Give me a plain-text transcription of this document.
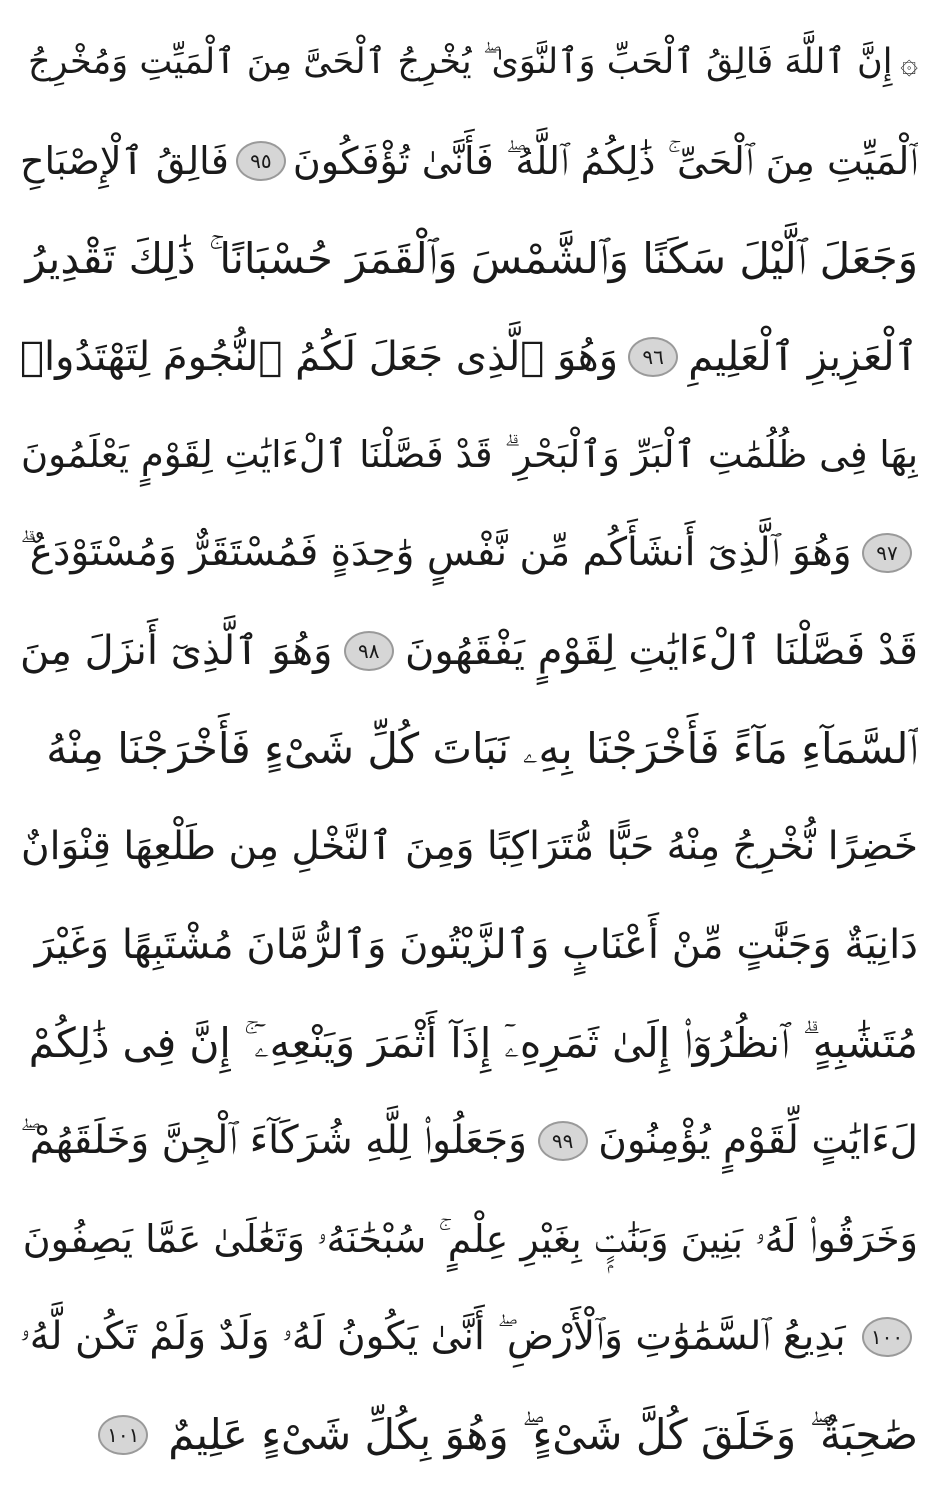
۞إِنَّ ٱللَّهَ فَالِقُ ٱلْحَبِّ وَٱلنَّوَىٰ ۖ يُخْرِجُ ٱلْحَىَّ مِنَ ٱلْمَيِّتِ وَمُخْرِجُ
ٱلْمَيِّتِ مِنَ ٱلْحَىِّ ۚ ذَٰلِكُمُ ٱللَّهُ ۖ فَأَنَّىٰ تُؤْفَكُونَ
٩٥
فَالِقُ ٱلْإِصْبَاحِ
وَجَعَلَ ٱلَّيْلَ سَكَنًا وَٱلشَّمْسَ وَٱلْقَمَرَ حُسْبَانًا ۚ ذَٰلِكَ تَقْدِيرُ
ٱلْعَزِيزِ ٱلْعَلِيمِ
٩٦
وَهُوَ ٱلَّذِى جَعَلَ لَكُمُ ٱلنُّجُومَ لِتَهْتَدُوا۟
بِهَا فِى ظُلُمَٰتِ ٱلْبَرِّ وَٱلْبَحْرِ ۗ قَدْ فَصَّلْنَا ٱلْءَايَٰتِ لِقَوْمٍ يَعْلَمُونَ
٩٧
وَهُوَ ٱلَّذِىٓ أَنشَأَكُم مِّن نَّفْسٍ وَٰحِدَةٍ فَمُسْتَقَرٌّ وَمُسْتَوْدَعٌ ۗ
قَدْ فَصَّلْنَا ٱلْءَايَٰتِ لِقَوْمٍ يَفْقَهُونَ
٩٨
وَهُوَ ٱلَّذِىٓ أَنزَلَ مِنَ
ٱلسَّمَآءِ مَآءً فَأَخْرَجْنَا بِهِۦ نَبَاتَ كُلِّ شَىْءٍ فَأَخْرَجْنَا مِنْهُ
خَضِرًا نُّخْرِجُ مِنْهُ حَبًّا مُّتَرَاكِبًا وَمِنَ ٱلنَّخْلِ مِن طَلْعِهَا قِنْوَانٌ
دَانِيَةٌ وَجَنَّٰتٍ مِّنْ أَعْنَابٍ وَٱلزَّيْتُونَ وَٱلرُّمَّانَ مُشْتَبِهًا وَغَيْرَ
مُتَشَٰبِهٍ ۗ ٱنظُرُوٓا۟ إِلَىٰ ثَمَرِهِۦٓ إِذَآ أَثْمَرَ وَيَنْعِهِۦٓ ۚ إِنَّ فِى ذَٰلِكُمْ
لَءَايَٰتٍ لِّقَوْمٍ يُؤْمِنُونَ
٩٩
وَجَعَلُوا۟ لِلَّهِ شُرَكَآءَ ٱلْجِنَّ وَخَلَقَهُمْ ۖ
وَخَرَقُوا۟ لَهُۥ بَنِينَ وَبَنَٰتٍۭ بِغَيْرِ عِلْمٍ ۚ سُبْحَٰنَهُۥ وَتَعَٰلَىٰ عَمَّا يَصِفُونَ
١٠٠
بَدِيعُ ٱلسَّمَٰوَٰتِ وَٱلْأَرْضِ ۖ أَنَّىٰ يَكُونُ لَهُۥ وَلَدٌ وَلَمْ تَكُن لَّهُۥ
صَٰحِبَةٌ ۖ وَخَلَقَ كُلَّ شَىْءٍ ۖ وَهُوَ بِكُلِّ شَىْءٍ عَلِيمٌ
١٠١
